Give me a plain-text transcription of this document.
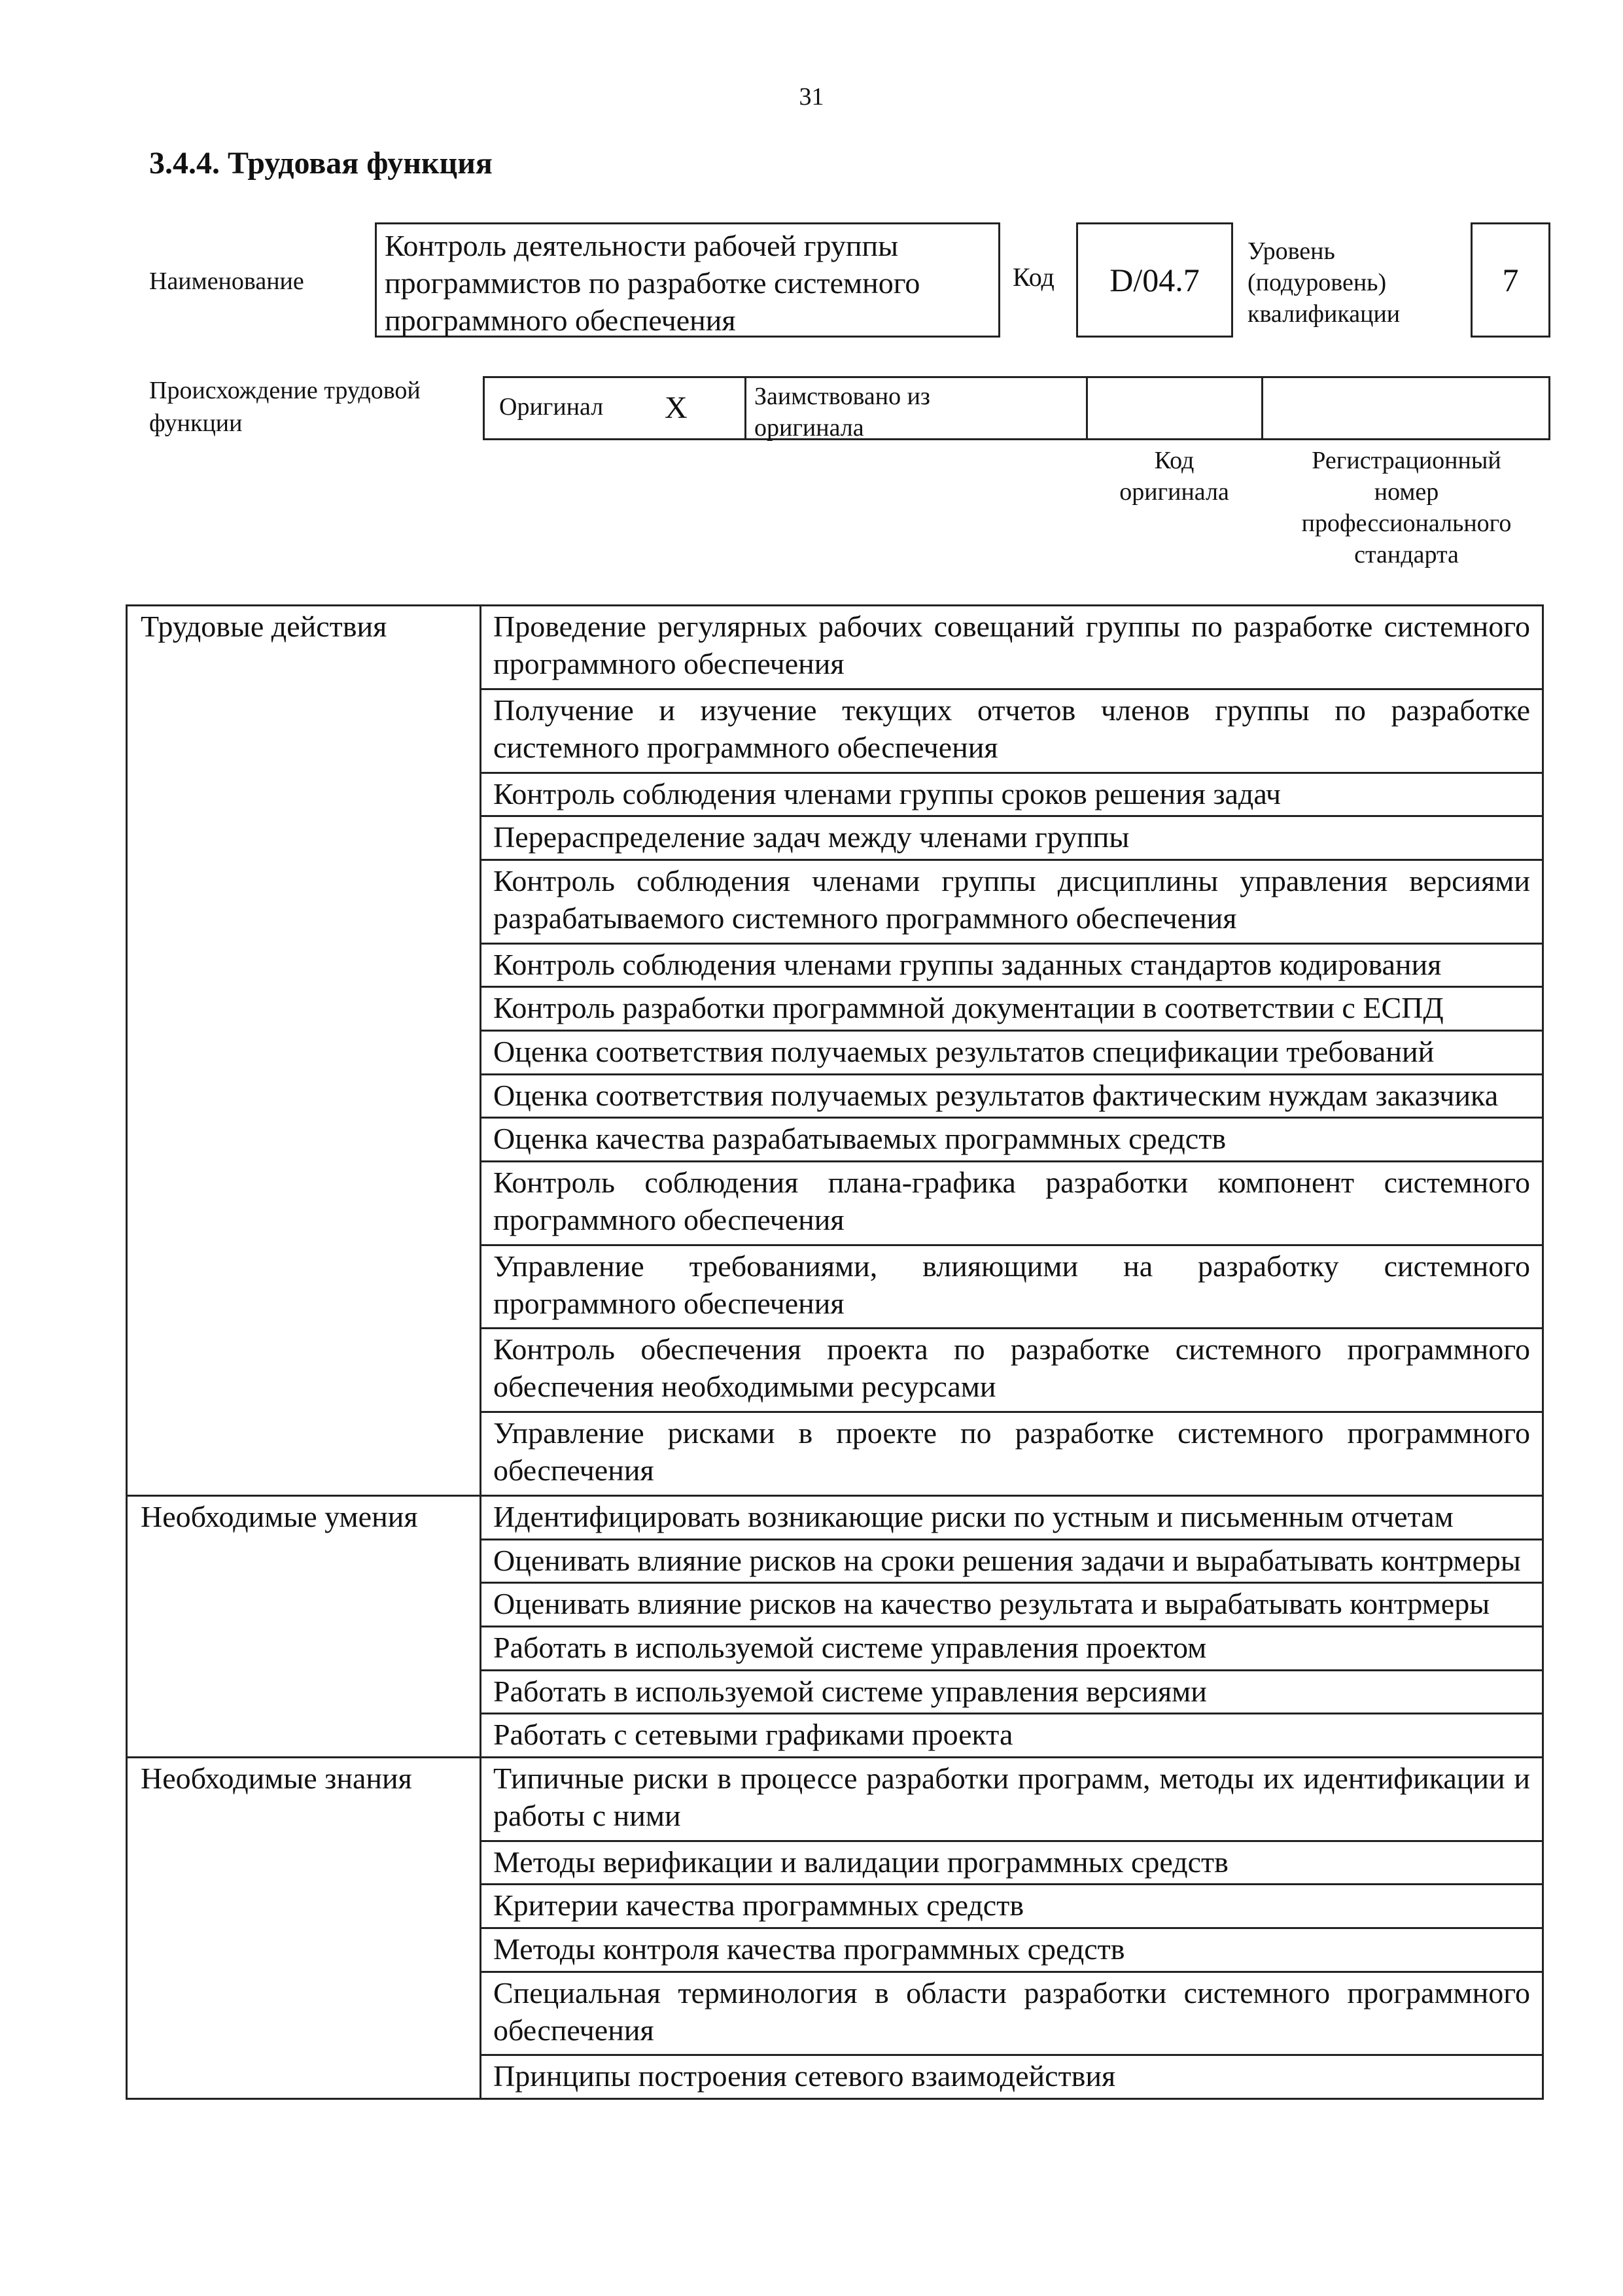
31
3.4.4. Трудовая функция
Наименование
Контроль деятельности рабочей группы
программистов по разработке системного
программного обеспечения
Код	D/04.7
Уровень
(подуровень)
квалификации
7
Происхождение трудовой
функции
Оригинал X	Заимствовано из
оригинала
Код
оригинала
Регистрационный
номер
профессионального
стандарта
Трудовые действия	Проведение регулярных рабочих совещаний группы по разработке системного программного обеспечения
	Получение и изучение текущих отчетов членов группы по разработке системного программного обеспечения
	Контроль соблюдения членами группы сроков решения задач
	Перераспределение задач между членами группы
	Контроль соблюдения членами группы дисциплины управления версиями разрабатываемого системного программного обеспечения
	Контроль соблюдения членами группы заданных стандартов кодирования
	Контроль разработки программной документации в соответствии с ЕСПД
	Оценка соответствия получаемых результатов спецификации требований
	Оценка соответствия получаемых результатов фактическим нуждам заказчика
	Оценка качества разрабатываемых программных средств
	Контроль соблюдения плана-графика разработки компонент системного программного обеспечения
	Управление требованиями, влияющими на разработку системного программного обеспечения
	Контроль обеспечения проекта по разработке системного программного обеспечения необходимыми ресурсами
	Управление рисками в проекте по разработке системного программного обеспечения
Необходимые умения	Идентифицировать возникающие риски по устным и письменным отчетам
	Оценивать влияние рисков на сроки решения задачи и вырабатывать контрмеры
	Оценивать влияние рисков на качество результата и вырабатывать контрмеры
	Работать в используемой системе управления проектом
	Работать в используемой системе управления версиями
	Работать с сетевыми графиками проекта
Необходимые знания	Типичные риски в процессе разработки программ, методы их идентификации и работы с ними
	Методы верификации и валидации программных средств
	Критерии качества программных средств
	Методы контроля качества программных средств
	Специальная терминология в области разработки системного программного обеспечения
	Принципы построения сетевого взаимодействия
